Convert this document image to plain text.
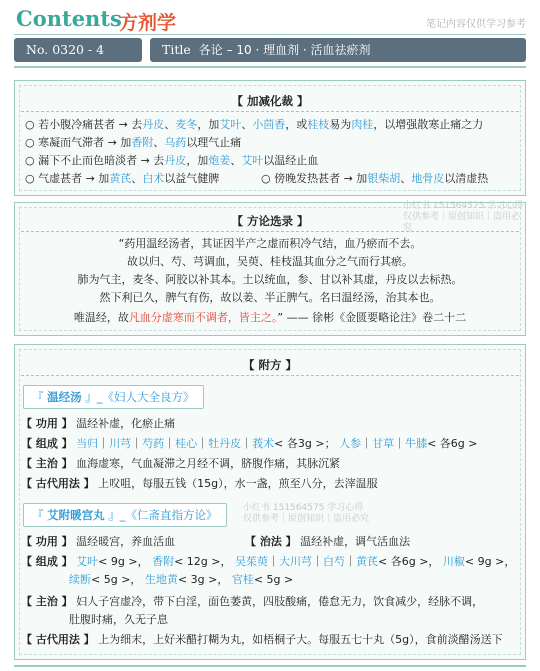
Contents
方剂学	笔记内容仅供学习参考
No. 0320 - 4	Title 各论 – 10 · 理血剂 · 活血祛瘀剂
【 加减化裁 】
○ 若小腹冷痛甚者 → 去丹皮、麦冬，加艾叶、小茴香，或桂枝易为肉桂，以增强散寒止痛之力
○ 寒凝而气滞者 → 加香附、乌药以理气止痛
○ 漏下不止而色暗淡者 → 去丹皮，加炮姜、艾叶以温经止血
○ 气虚甚者 → 加黄芪、白术以益气健脾	○ 傍晚发热甚者 → 加银柴胡、地骨皮以清虚热
【 方论选录 】
“药用温经汤者，其证因半产之虚而积冷气结，血乃瘀而不去。
故以归、芍、芎调血，吴萸、桂枝温其血分之气而行其瘀。
肺为气主，麦冬、阿胶以补其本。土以统血，参、甘以补其虚，丹皮以去标热。
然下利已久，脾气有伤，故以姜、半正脾气。名曰温经汤，治其本也。
唯温经，故凡血分虚寒而不调者，皆主之。” —— 徐彬《金匮要略论注》卷二十二
小红书 151564575 学习心得
仅供参考｜原创知识｜盗用必究
【 附方 】
『 温经汤 』_《妇人大全良方》
【 功用 】 温经补虚，化瘀止痛
【 组成 】 当归｜川芎｜芍药｜桂心｜牡丹皮｜莪术< 各3g >； 人参｜甘草｜牛膝< 各6g >
【 主治 】 血海虚寒，气血凝滞之月经不调，脐腹作痛，其脉沉紧
【 古代用法 】 上㕮咀，每服五钱（15g），水一盏，煎至八分，去滓温服
『 艾附暖宫丸 』_《仁斋直指方论》	小红书 151564575 学习心得
仅供参考｜原创知识｜盗用必究
【 功用 】 温经暖宫，养血活血	【 治法 】 温经补虚，调气活血法
【 组成 】 艾叶< 9g >， 香附< 12g >， 吴茱萸｜大川芎｜白芍｜黄芪< 各6g >， 川椒< 9g >，
续断< 5g >， 生地黄< 3g >， 官桂< 5g >
【 主治 】 妇人子宫虚冷，带下白淫，面色萎黄，四肢酸痛，倦怠无力，饮食减少，经脉不调，
肚腹时痛，久无子息
【 古代用法 】 上为细末，上好米醋打糊为丸，如梧桐子大。每服五七十丸（5g），食前淡醋汤送下
